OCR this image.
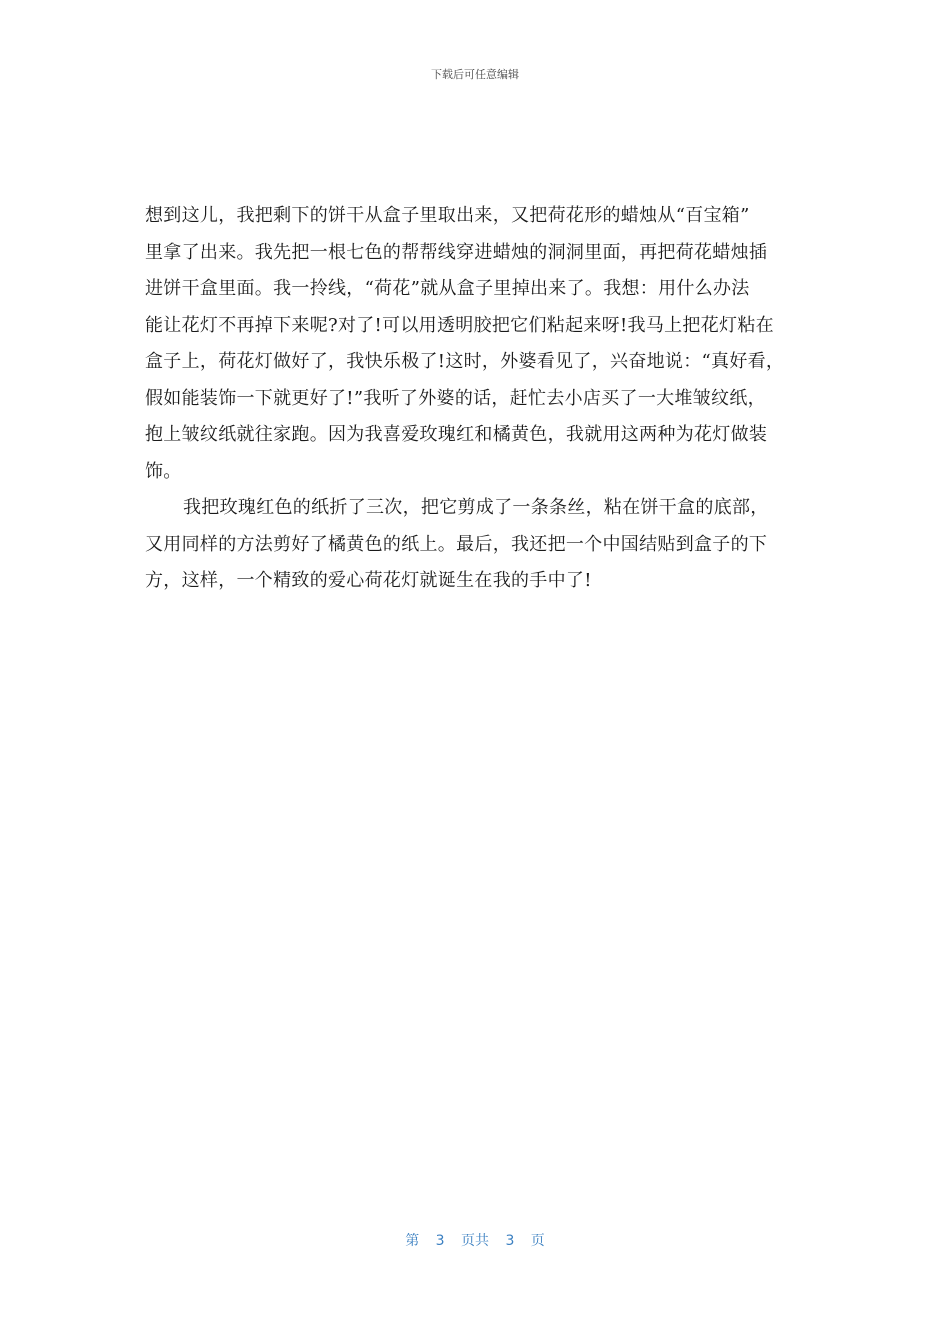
下载后可任意编辑
想到这儿，我把剩下的饼干从盒子里取出来，又把荷花形的蜡烛从“百宝箱”
里拿了出来。我先把一根七色的帮帮线穿进蜡烛的洞洞里面，再把荷花蜡烛插
进饼干盒里面。我一拎线，“荷花”就从盒子里掉出来了。我想：用什么办法
能让花灯不再掉下来呢?对了!可以用透明胶把它们粘起来呀!我马上把花灯粘在
盒子上，荷花灯做好了，我快乐极了!这时，外婆看见了，兴奋地说：“真好看，
假如能装饰一下就更好了!”我听了外婆的话，赶忙去小店买了一大堆皱纹纸，
抱上皱纹纸就往家跑。因为我喜爱玫瑰红和橘黄色，我就用这两种为花灯做装
饰。
我把玫瑰红色的纸折了三次，把它剪成了一条条丝，粘在饼干盒的底部，
又用同样的方法剪好了橘黄色的纸上。最后，我还把一个中国结贴到盒子的下
方，这样，一个精致的爱心荷花灯就诞生在我的手中了!
第 3 页共 3 页
